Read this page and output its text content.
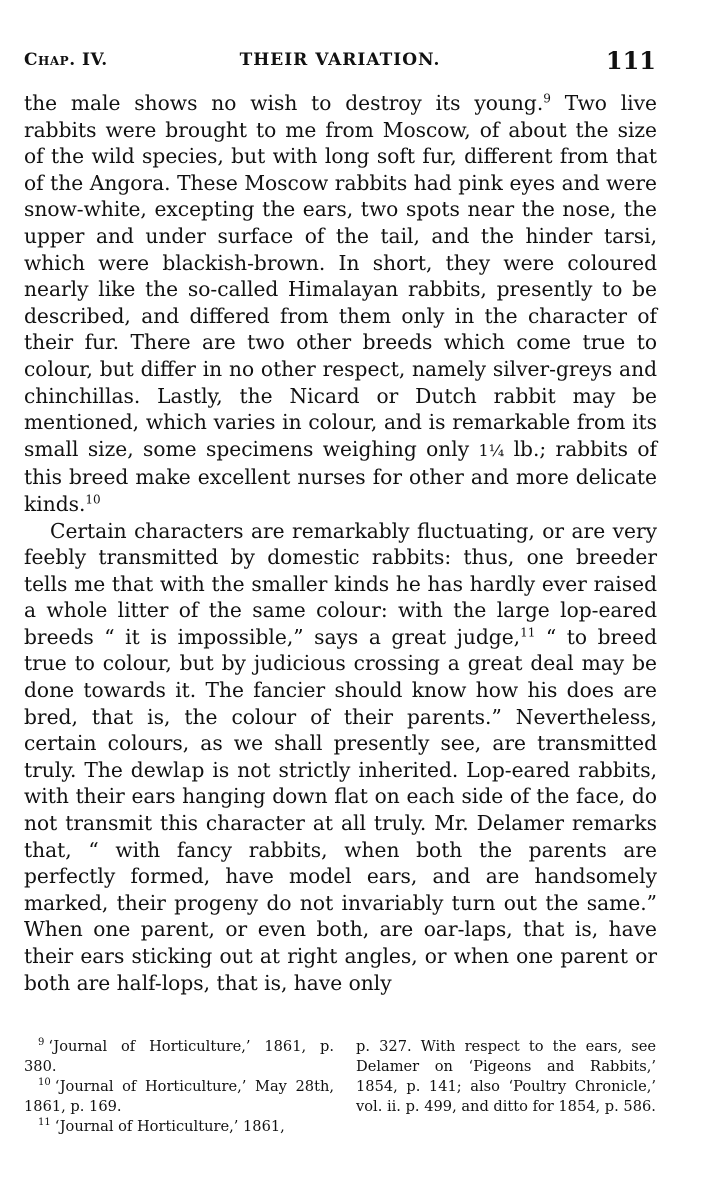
Chap. IV.	THEIR VARIATION.	111

the male shows no wish to destroy its young.$^9$ Two live rabbits were brought to me from Moscow, of about the size of the wild species, but with long soft fur, different from that of the Angora. These Moscow rabbits had pink eyes and were snow-white, excepting the ears, two spots near the nose, the upper and under surface of the tail, and the hinder tarsi, which were blackish-brown. In short, they were coloured nearly like the so-called Himalayan rabbits, presently to be described, and differed from them only in the character of their fur. There are two other breeds which come true to colour, but differ in no other respect, namely silver-greys and chinchillas. Lastly, the Nicard or Dutch rabbit may be mentioned, which varies in colour, and is remarkable from its small size, some specimens weighing only 1¼ lb.; rabbits of this breed make excellent nurses for other and more delicate kinds.$^{10}$

Certain characters are remarkably fluctuating, or are very feebly transmitted by domestic rabbits: thus, one breeder tells me that with the smaller kinds he has hardly ever raised a whole litter of the same colour: with the large lop-eared breeds “ it is impossible,” says a great judge,$^{11}$ “ to breed true to colour, but by judicious crossing a great deal may be done towards it. The fancier should know how his does are bred, that is, the colour of their parents.” Nevertheless, certain colours, as we shall presently see, are transmitted truly. The dewlap is not strictly inherited. Lop-eared rabbits, with their ears hanging down flat on each side of the face, do not transmit this character at all truly. Mr. Delamer remarks that, “ with fancy rabbits, when both the parents are perfectly formed, have model ears, and are handsomely marked, their progeny do not invariably turn out the same.” When one parent, or even both, are oar-laps, that is, have their ears sticking out at right angles, or when one parent or both are half-lops, that is, have only

$^9$ ‘Journal of Horticulture,’ 1861, p. 380.

$^{10}$ ‘Journal of Horticulture,’ May 28th, 1861, p. 169.

$^{11}$ ‘Journal of Horticulture,’ 1861,

p. 327. With respect to the ears, see Delamer on ‘Pigeons and Rabbits,’ 1854, p. 141; also ‘Poultry Chronicle,’ vol. ii. p. 499, and ditto for 1854, p. 586.
